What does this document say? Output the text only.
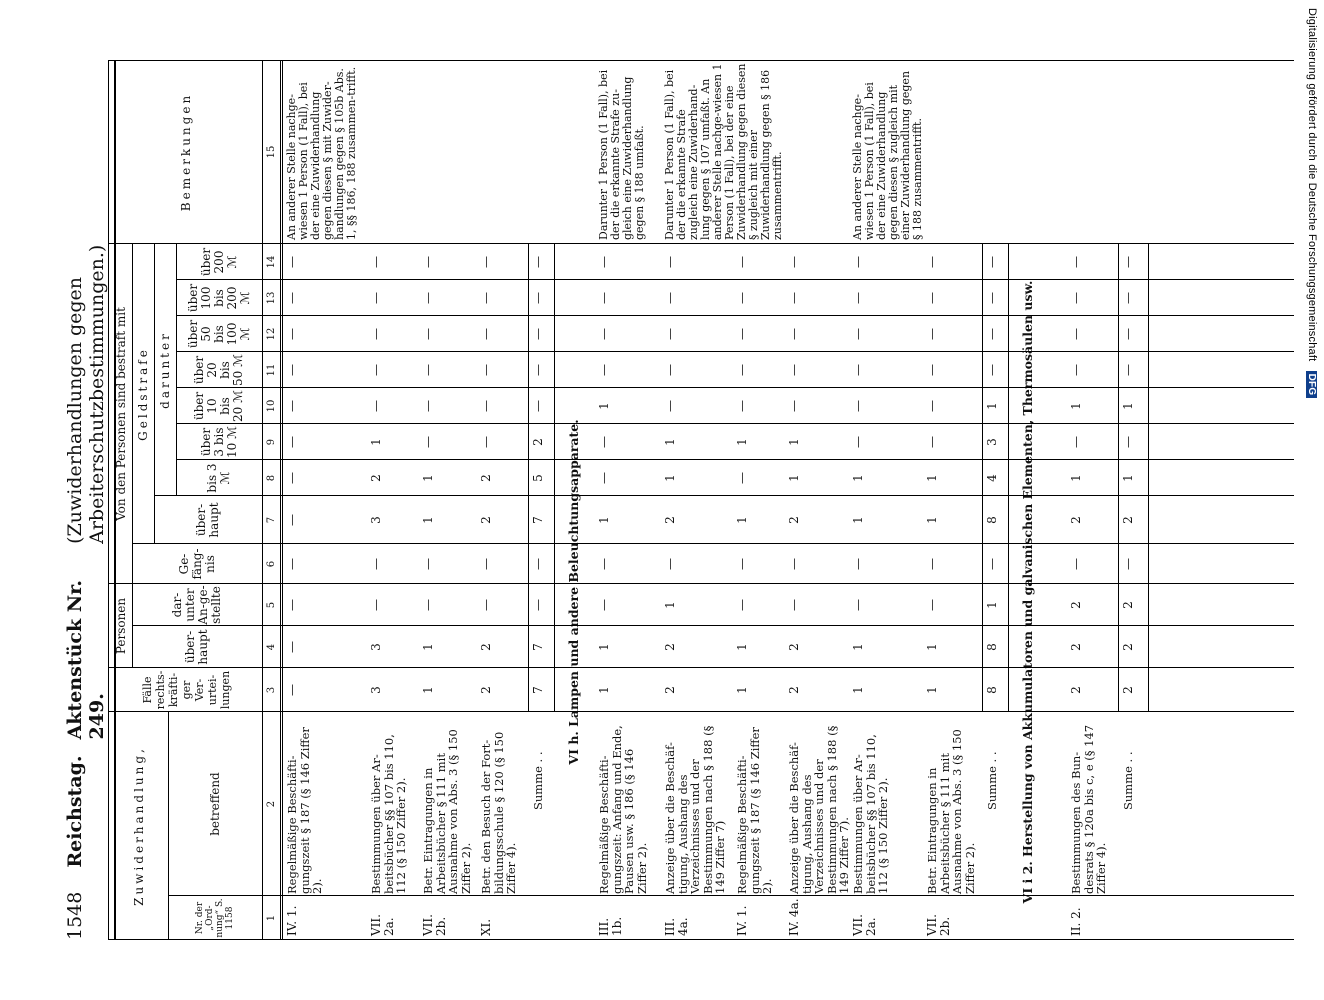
Digitalisierung gefördert durch die Deutsche Forschungsgemeinschaft DFG
1548
Reichstag.
Aktenstück Nr. 249.
(Zuwiderhandlungen gegen Arbeiterschutzbestimmungen.)
Zuwiderhandlung,
Nr. der „Ord-nung“ S. 1158
betreffend
Fälle rechts-kräfti-ger Ver-urtei-lungen
Personen	über-haupt
dar-unter An-ge-stellte
Von den Personen sind bestraft mit
Ge-fäng-nis
Geldstrafe
über-haupt
darunter
bis 3 ℳ
über 3 bis 10 ℳ
über 10 bis 20 ℳ
über 20 bis 50 ℳ
über 50 bis 100 ℳ
über 100 bis 200 ℳ
über 200 ℳ
Bemerkungen
1
2
3
4
5
6
7
8
9
10
11
12
13
14
15
IV. 1.
Regelmäßige Beschäfti-gungszeit § 187 (§ 146 Ziffer 2).
—
—
—
—
—
—
—
—
—
—
—
—
An anderer Stelle nachge-wiesen 1 Person (1 Fall), bei der eine Zuwiderhandlung gegen diesen § mit Zuwider-handlungen gegen § 105b Abs. 1, §§ 186, 188 zusammen-trifft.
VII. 2a.
Bestimmungen über Ar-beitsbücher §§ 107 bis 110, 112 (§ 150 Ziffer 2).
3
3
—
—
3
2
1
—
—
—
—
—
VII. 2b.
Betr. Eintragungen in Arbeitsbücher § 111 mit Ausnahme von Abs. 3 (§ 150 Ziffer 2).
1
1
—
—
1
1
—
—
—
—
—
—
XI.
Betr. den Besuch der Fort-bildungsschule § 120 (§ 150 Ziffer 4).
2
2
—
—
2
2
—
—
—
—
—
—
Summe . .
7
7
—
—
7
5
2
—
—
—
—
—
VI h. Lampen und andere Beleuchtungsapparate.
III. 1b.
Regelmäßige Beschäfti-gungszeit: Anfang und Ende, Pausen usw. § 186 (§ 146 Ziffer 2).
1
1
—
—
1
—
—
1
—
—
—
—
Darunter 1 Person (1 Fall), bei der die erkannte Strafe zu-gleich eine Zuwiderhandlung gegen § 188 umfaßt.
III. 4a.
Anzeige über die Beschäf-tigung, Aushang des Verzeichnisses und der Bestimmungen nach § 188 (§ 149 Ziffer 7)
2
2
1
—
2
1
1
—
—
—
—
—
Darunter 1 Person (1 Fall), bei der die erkannte Strafe zugleich eine Zuwiderhand-lung gegen § 107 umfaßt. An anderer Stelle nachge-wiesen 1 Person (1 Fall), bei der eine Zuwiderhandlung gegen diesen § zugleich mit einer Zuwiderhandlung gegen § 186 zusammentrifft.
IV. 1.
Regelmäßige Beschäfti-gungszeit § 187 (§ 146 Ziffer 2).
1
1
—
—
1
—
1
—
—
—
—
—
IV. 4a.
Anzeige über die Beschäf-tigung, Aushang des Verzeichnisses und der Bestimmungen nach § 188 (§ 149 Ziffer 7).
2
2
—
—
2
1
1
—
—
—
—
—
VII. 2a.
Bestimmungen über Ar-beitsbücher §§ 107 bis 110, 112 (§ 150 Ziffer 2).
1
1
—
—
1
1
—
—
—
—
—
—
An anderer Stelle nachge-wiesen 1 Person (1 Fall), bei der eine Zuwiderhandlung gegen diesen § zugleich mit einer Zuwiderhandlung gegen § 188 zusammentrifft.
VII. 2b.
Betr. Eintragungen in Arbeitsbücher § 111 mit Ausnahme von Abs. 3 (§ 150 Ziffer 2).
1
1
—
—
1
1
—
—
—
—
—
—
Summe . .
8
8
1
—
8
4
3
1
—
—
—
—
VI i 2. Herstellung von Akkumulatoren und galvanischen Elementen, Thermosäulen usw.
II. 2.
Bestimmungen des Bun-desrats § 120a bis c, e (§ 147 Ziffer 4).
2
2
2
—
2
1
—
1
—
—
—
—
Summe . .
2
2
2
—
2
1
—
1
—
—
—
—
